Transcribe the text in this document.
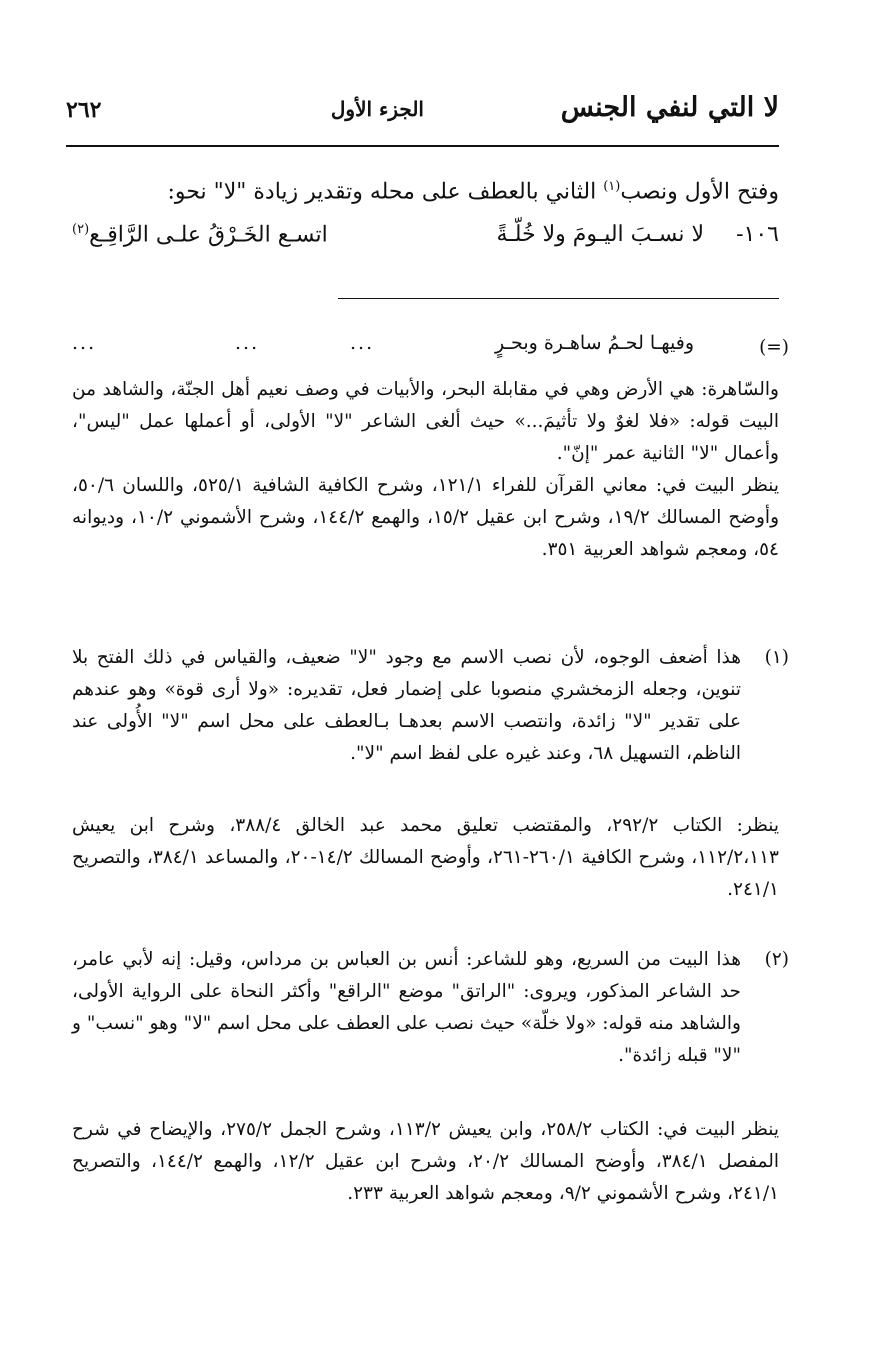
لا التي لنفي الجنس
الجزء الأول
٢٦٢
وفتح الأول ونصب$^{(١)}$ الثاني بالعطف على محله وتقدير زيادة "لا" نحو:
١٠٦-
لا نسـبَ اليـومَ ولا خُلّـةً
اتسـع الخَـرْقُ علـى الرَّاقِـع$^{(٢)}$
(=)
وفيهـا لحـمُ ساهـرة وبحـرٍ
...
...
...

والسّاهرة: هي الأرض وهي في مقابلة البحر، والأبيات في وصف نعيم أهل الجنّة، والشاهد من البيت قوله: «فلا لغوٌ ولا تأثيمَ...» حيث ألغى الشاعر "لا" الأولى، أو أعملها عمل "ليس"، وأعمال "لا" الثانية عمر "إنّ".

ينظر البيت في: معاني القرآن للفراء ١٢١/١، وشرح الكافية الشافية ٥٢٥/١، واللسان ٥٠/٦، وأوضح المسالك ١٩/٢، وشرح ابن عقيل ١٥/٢، والهمع ١٤٤/٢، وشرح الأشموني ١٠/٢، وديوانه ٥٤، ومعجم شواهد العربية ٣٥١.

(١)

هذا أضعف الوجوه، لأن نصب الاسم مع وجود "لا" ضعيف، والقياس في ذلك الفتح بلا تنوين، وجعله الزمخشري منصوبا على إضمار فعل، تقديره: «ولا أرى قوة» وهو عندهم على تقدير "لا" زائدة، وانتصب الاسم بعدهـا بـالعطف على محل اسم "لا" الأُولى عند الناظم، التسهيل ٦٨، وعند غيره على لفظ اسم "لا".

ينظر: الكتاب ٢٩٢/٢، والمقتضب تعليق محمد عبد الخالق ٣٨٨/٤، وشرح ابن يعيش ١١٢/٢،١١٣، وشرح الكافية ٢٦٠/١-٢٦١، وأوضح المسالك ١٤/٢-٢٠، والمساعد ٣٨٤/١، والتصريح ٢٤١/١.

(٢)

هذا البيت من السريع، وهو للشاعر: أنس بن العباس بن مرداس، وقيل: إنه لأبي عامر، حد الشاعر المذكور، ويروى: "الراتق" موضع "الراقع" وأكثر النحاة على الرواية الأولى، والشاهد منه قوله: «ولا خلّة» حيث نصب على العطف على محل اسم "لا" وهو "نسب" و "لا" قبله زائدة".

ينظر البيت في: الكتاب ٢٥٨/٢، وابن يعيش ١١٣/٢، وشرح الجمل ٢٧٥/٢، والإيضاح في شرح المفصل ٣٨٤/١، وأوضح المسالك ٢٠/٢، وشرح ابن عقيل ١٢/٢، والهمع ١٤٤/٢، والتصريح ٢٤١/١، وشرح الأشموني ٩/٢، ومعجم شواهد العربية ٢٣٣.
